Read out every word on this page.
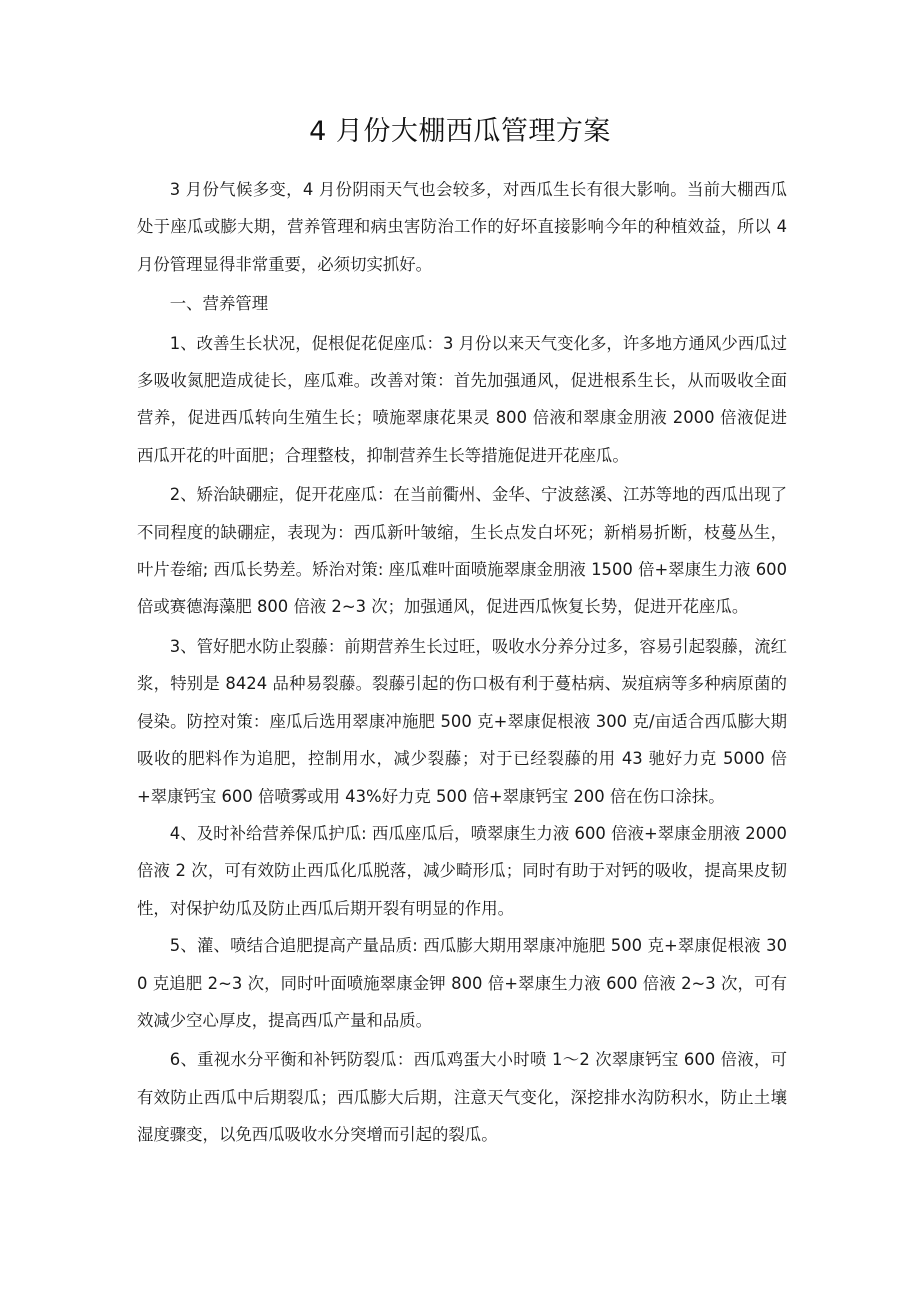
4 月份大棚西瓜管理方案

3 月份气候多变，4 月份阴雨天气也会较多，对西瓜生长有很大影响。当前大棚西瓜处于座瓜或膨大期，营养管理和病虫害防治工作的好坏直接影响今年的种植效益，所以 4 月份管理显得非常重要，必须切实抓好。

一、营养管理

1、改善生长状况，促根促花促座瓜：3 月份以来天气变化多，许多地方通风少西瓜过多吸收氮肥造成徒长，座瓜难。改善对策：首先加强通风，促进根系生长，从而吸收全面营养，促进西瓜转向生殖生长；喷施翠康花果灵 800 倍液和翠康金朋液 2000 倍液促进西瓜开花的叶面肥；合理整枝，抑制营养生长等措施促进开花座瓜。

2、矫治缺硼症，促开花座瓜：在当前衢州、金华、宁波慈溪、江苏等地的西瓜出现了不同程度的缺硼症，表现为：西瓜新叶皱缩，生长点发白坏死；新梢易折断，枝蔓丛生，叶片卷缩; 西瓜长势差。矫治对策: 座瓜难叶面喷施翠康金朋液 1500 倍+翠康生力液 600 倍或赛德海藻肥 800 倍液 2~3 次；加强通风，促进西瓜恢复长势，促进开花座瓜。

3、管好肥水防止裂藤：前期营养生长过旺，吸收水分养分过多，容易引起裂藤，流红浆，特别是 8424 品种易裂藤。裂藤引起的伤口极有利于蔓枯病、炭疽病等多种病原菌的侵染。防控对策：座瓜后选用翠康冲施肥 500 克+翠康促根液 300 克/亩适合西瓜膨大期吸收的肥料作为追肥，控制用水，减少裂藤；对于已经裂藤的用 43 驰好力克 5000 倍+翠康钙宝 600 倍喷雾或用 43%好力克 500 倍+翠康钙宝 200 倍在伤口涂抹。

4、及时补给营养保瓜护瓜: 西瓜座瓜后，喷翠康生力液 600 倍液+翠康金朋液 2000 倍液 2 次，可有效防止西瓜化瓜脱落，减少畸形瓜；同时有助于对钙的吸收，提高果皮韧性，对保护幼瓜及防止西瓜后期开裂有明显的作用。

5、灌、喷结合追肥提高产量品质: 西瓜膨大期用翠康冲施肥 500 克+翠康促根液 300 克追肥 2~3 次，同时叶面喷施翠康金钾 800 倍+翠康生力液 600 倍液 2~3 次，可有效减少空心厚皮，提高西瓜产量和品质。

6、重视水分平衡和补钙防裂瓜：西瓜鸡蛋大小时喷 1～2 次翠康钙宝 600 倍液，可有效防止西瓜中后期裂瓜；西瓜膨大后期，注意天气变化，深挖排水沟防积水，防止土壤湿度骤变，以免西瓜吸收水分突增而引起的裂瓜。
